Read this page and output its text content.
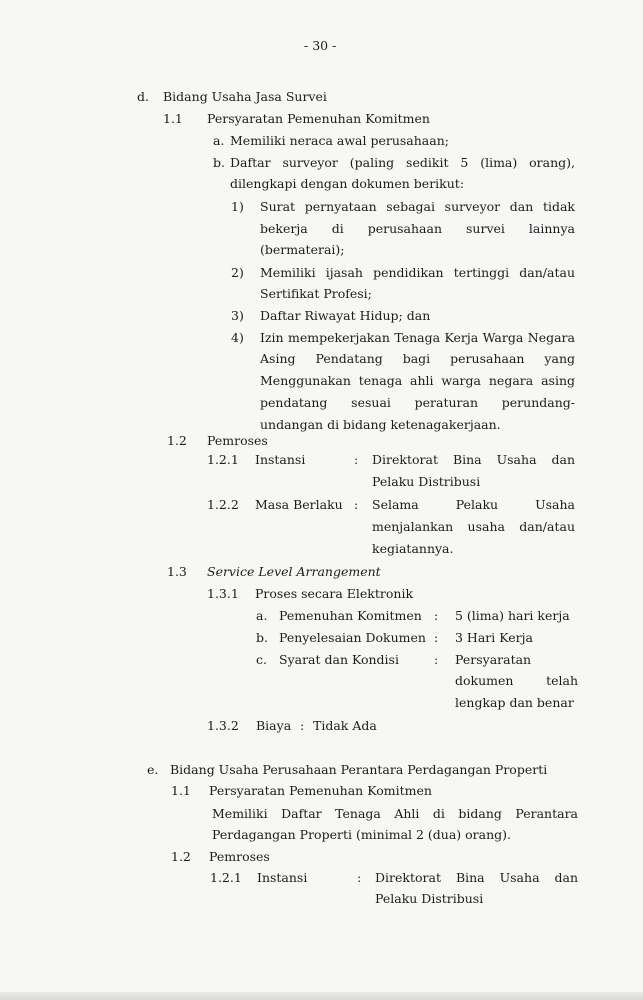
- 30 -
d. Bidang Usaha Jasa Survei
1.1 Persyaratan Pemenuhan Komitmen
a. Memiliki neraca awal perusahaan;
b. Daftar surveyor (paling sedikit 5 (lima) orang),
dilengkapi dengan dokumen berikut:
1) Surat pernyataan sebagai surveyor dan tidak
bekerja di perusahaan survei lainnya
(bermaterai);
2) Memiliki ijasah pendidikan tertinggi dan/atau
Sertifikat Profesi;
3) Daftar Riwayat Hidup; dan
4) Izin mempekerjakan Tenaga Kerja Warga Negara
Asing Pendatang bagi perusahaan yang
Menggunakan tenaga ahli warga negara asing
pendatang sesuai peraturan perundang-
undangan di bidang ketenagakerjaan.
1.2 Pemroses
1.2.1 Instansi	: Direktorat Bina Usaha dan
Pelaku Distribusi
1.2.2 Masa Berlaku : Selama Pelaku Usaha
menjalankan usaha dan/atau
kegiatannya.
1.3 Service Level Arrangement
1.3.1 Proses secara Elektronik
a. Pemenuhan Komitmen : 5 (lima) hari kerja
b. Penyelesaian Dokumen : 3 Hari Kerja
c. Syarat dan Kondisi	: Persyaratan
dokumen telah
lengkap dan benar
1.3.2 Biaya : Tidak Ada
e. Bidang Usaha Perusahaan Perantara Perdagangan Properti
1.1 Persyaratan Pemenuhan Komitmen
Memiliki Daftar Tenaga Ahli di bidang Perantara
Perdagangan Properti (minimal 2 (dua) orang).
1.2 Pemroses
1.2.1 Instansi	: Direktorat Bina Usaha dan
Pelaku Distribusi
